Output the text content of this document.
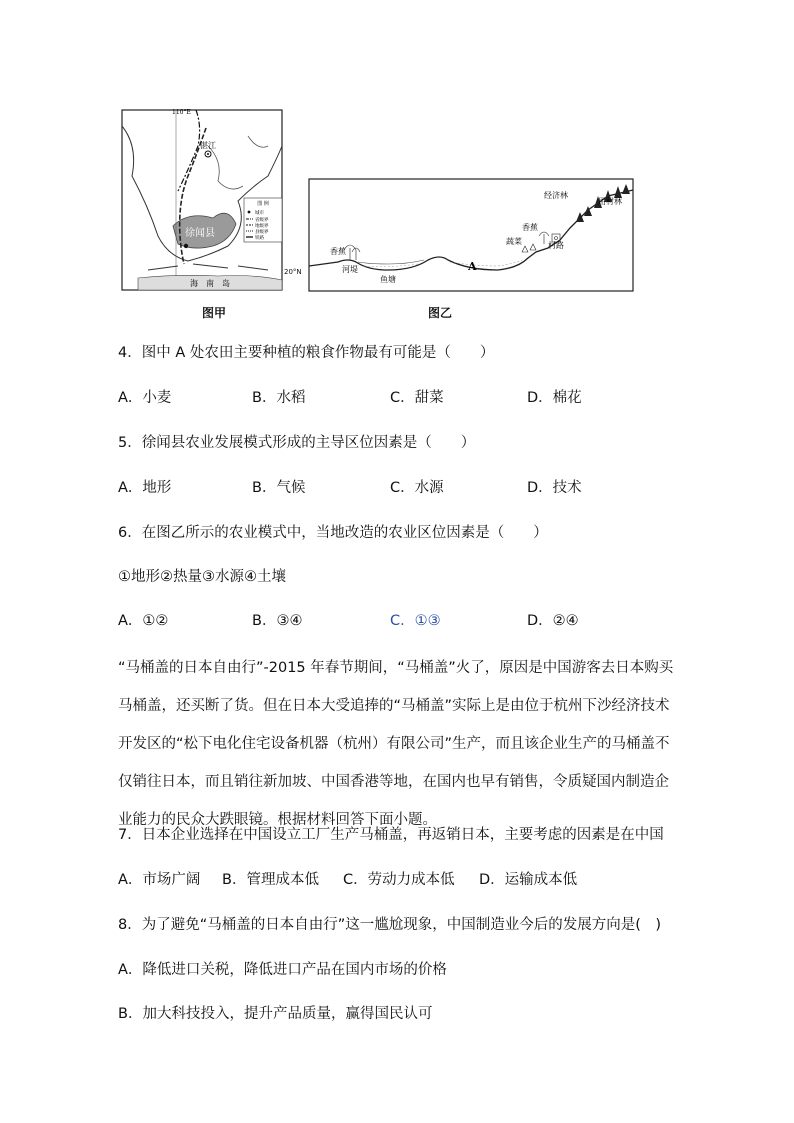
湛江
徐闻县
海　南　岛
110°E
图 例
城市
省级界
地级界
县级界
铁路
20°N
图甲
香蕉
河堤
鱼塘
A
蔬菜
香蕉
村路
经济林
用材林
图乙
4．图中 A 处农田主要种植的粮食作物最有可能是（　　）
A．小麦	B．水稻	C．甜菜	D．棉花
5．徐闻县农业发展模式形成的主导区位因素是（　　）
A．地形	B．气候	C．水源	D．技术
6．在图乙所示的农业模式中，当地改造的农业区位因素是（　　）
①地形②热量③水源④土壤
A．①②	B．③④	C．①③	D．②④
“马桶盖的日本自由行”-2015 年春节期间，“马桶盖”火了，原因是中国游客去日本购买马桶盖，还买断了货。但在日本大受追捧的“马桶盖”实际上是由位于杭州下沙经济技术开发区的“松下电化住宅设备机器（杭州）有限公司”生产，而且该企业生产的马桶盖不仅销往日本，而且销往新加坡、中国香港等地，在国内也早有销售，令质疑国内制造企业能力的民众大跌眼镜。根据材料回答下面小题。
7．日本企业选择在中国设立工厂生产马桶盖，再返销日本，主要考虑的因素是在中国
A．市场广阔 B．管理成本低 C．劳动力成本低 D．运输成本低
8．为了避免“马桶盖的日本自由行”这一尴尬现象，中国制造业今后的发展方向是(　)
A．降低进口关税，降低进口产品在国内市场的价格
B．加大科技投入，提升产品质量，赢得国民认可
